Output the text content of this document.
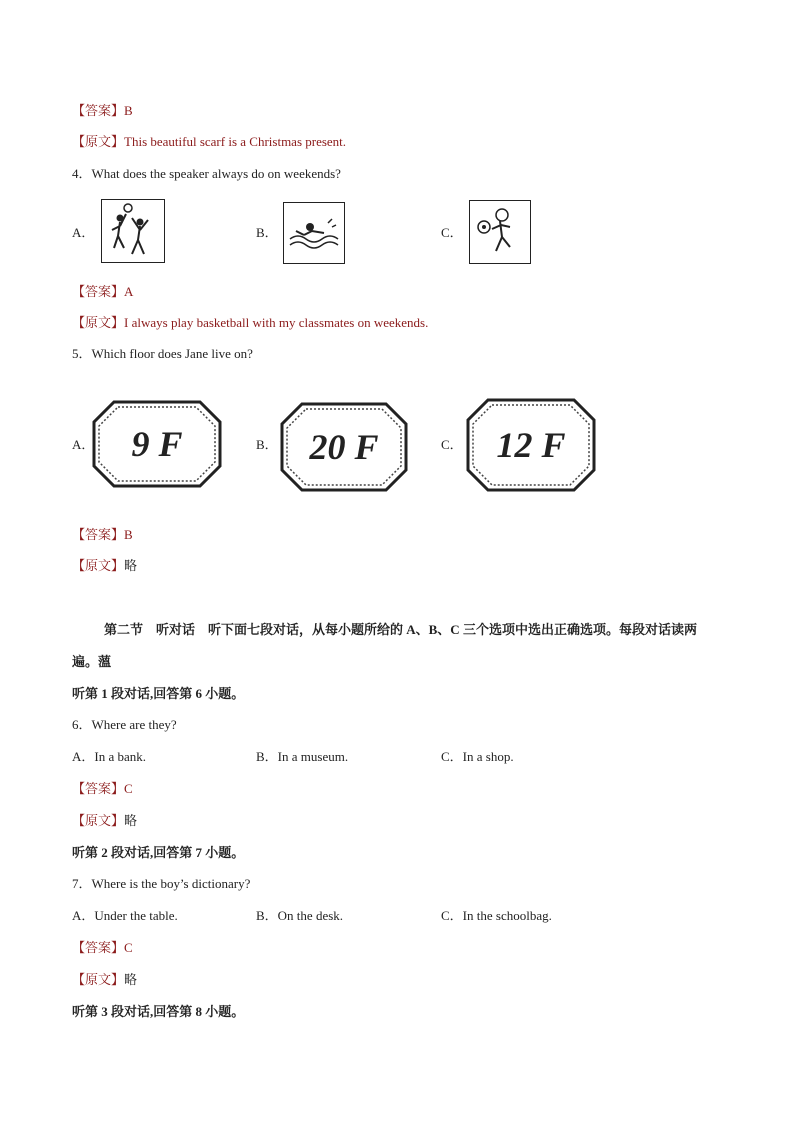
【答案】B
【原文】This beautiful scarf is a Christmas present.
4．What does the speaker always do on weekends?
A．	B．	C．
【答案】A
【原文】I always play basketball with my classmates on weekends.
5．Which floor does Jane live on?
A．	9 F	B． 20 F	C． 12 F
【答案】B
【原文】略
第二节　听对话　听下面七段对话，从每小题所给的 A、B、C 三个选项中选出正确选项。每段对话读两遍。薀
听第 1 段对话,回答第 6 小题。
6．Where are they?
A．In a bank.	B．In a museum.	C．In a shop.
【答案】C
【原文】略
听第 2 段对话,回答第 7 小题。
7．Where is the boy’s dictionary?
A．Under the table.	B．On the desk.	C．In the schoolbag.
【答案】C
【原文】略
听第 3 段对话,回答第 8 小题。
